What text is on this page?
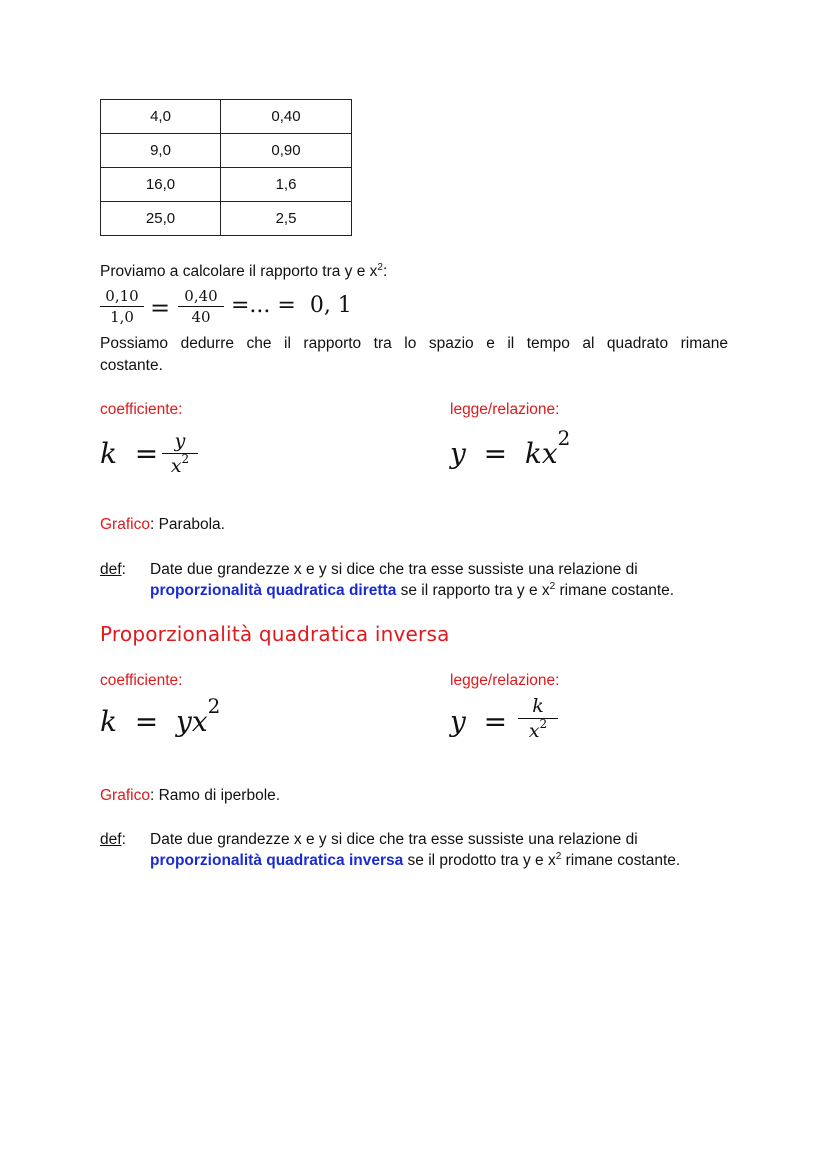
4,0	0,40
9,0	0,90
16,0	1,6
25,0	2,5
Proviamo a calcolare il rapporto tra y e $x^2$:
$\frac{0,10}{1,0} = \frac{0,40}{40}$ =... =  0, 1
Possiamo dedurre che il rapporto tra lo spazio e il tempo al quadrato rimane
costante.
coefficiente:	legge/relazione:
$k = \frac{y}{x^2}$	$y = kx^2$
Grafico: Parabola.
def: Date due grandezze x e y si dice che tra esse sussiste una relazione di
proporzionalità quadratica diretta se il rapporto tra y e $x^2$ rimane costante.
Proporzionalità quadratica inversa
coefficiente:	legge/relazione:
$k = yx^2$	$y = \frac{k}{x^2}$
Grafico: Ramo di iperbole.
def: Date due grandezze x e y si dice che tra esse sussiste una relazione di
proporzionalità quadratica inversa se il prodotto tra y e $x^2$ rimane costante.
